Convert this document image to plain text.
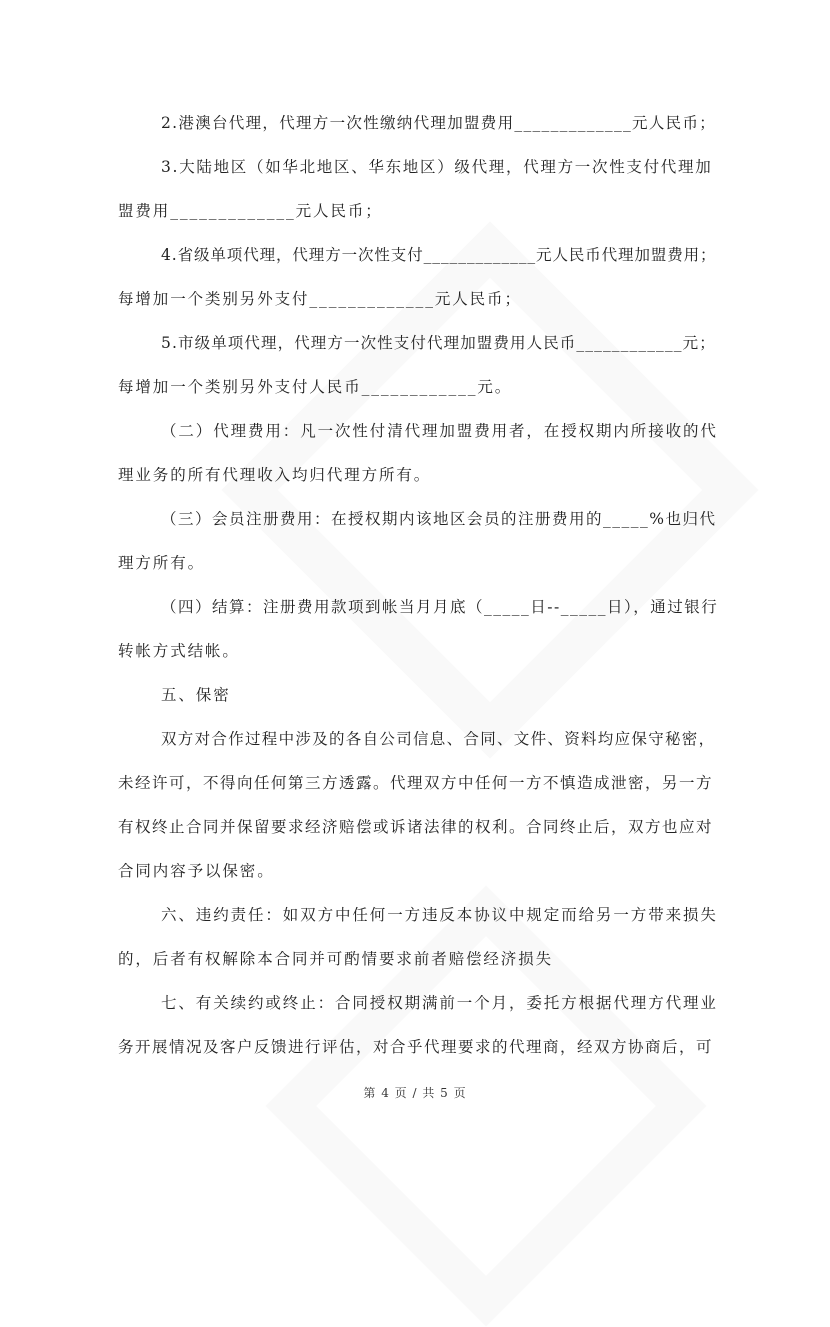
2.港澳台代理，代理方一次性缴纳代理加盟费用_____________元人民币；
3.大陆地区（如华北地区、华东地区）级代理，代理方一次性支付代理加
盟费用_____________元人民币；
4.省级单项代理，代理方一次性支付_____________元人民币代理加盟费用；
每增加一个类别另外支付_____________元人民币；
5.市级单项代理，代理方一次性支付代理加盟费用人民币____________元；
每增加一个类别另外支付人民币____________元。
（二）代理费用：凡一次性付清代理加盟费用者，在授权期内所接收的代
理业务的所有代理收入均归代理方所有。
（三）会员注册费用：在授权期内该地区会员的注册费用的_____%也归代
理方所有。
（四）结算：注册费用款项到帐当月月底（_____日--_____日），通过银行
转帐方式结帐。
五、保密
双方对合作过程中涉及的各自公司信息、合同、文件、资料均应保守秘密，
未经许可，不得向任何第三方透露。代理双方中任何一方不慎造成泄密，另一方
有权终止合同并保留要求经济赔偿或诉诸法律的权利。合同终止后，双方也应对
合同内容予以保密。
六、违约责任：如双方中任何一方违反本协议中规定而给另一方带来损失
的，后者有权解除本合同并可酌情要求前者赔偿经济损失
七、有关续约或终止：合同授权期满前一个月，委托方根据代理方代理业
务开展情况及客户反馈进行评估，对合乎代理要求的代理商，经双方协商后，可
第 4 页 / 共 5 页
